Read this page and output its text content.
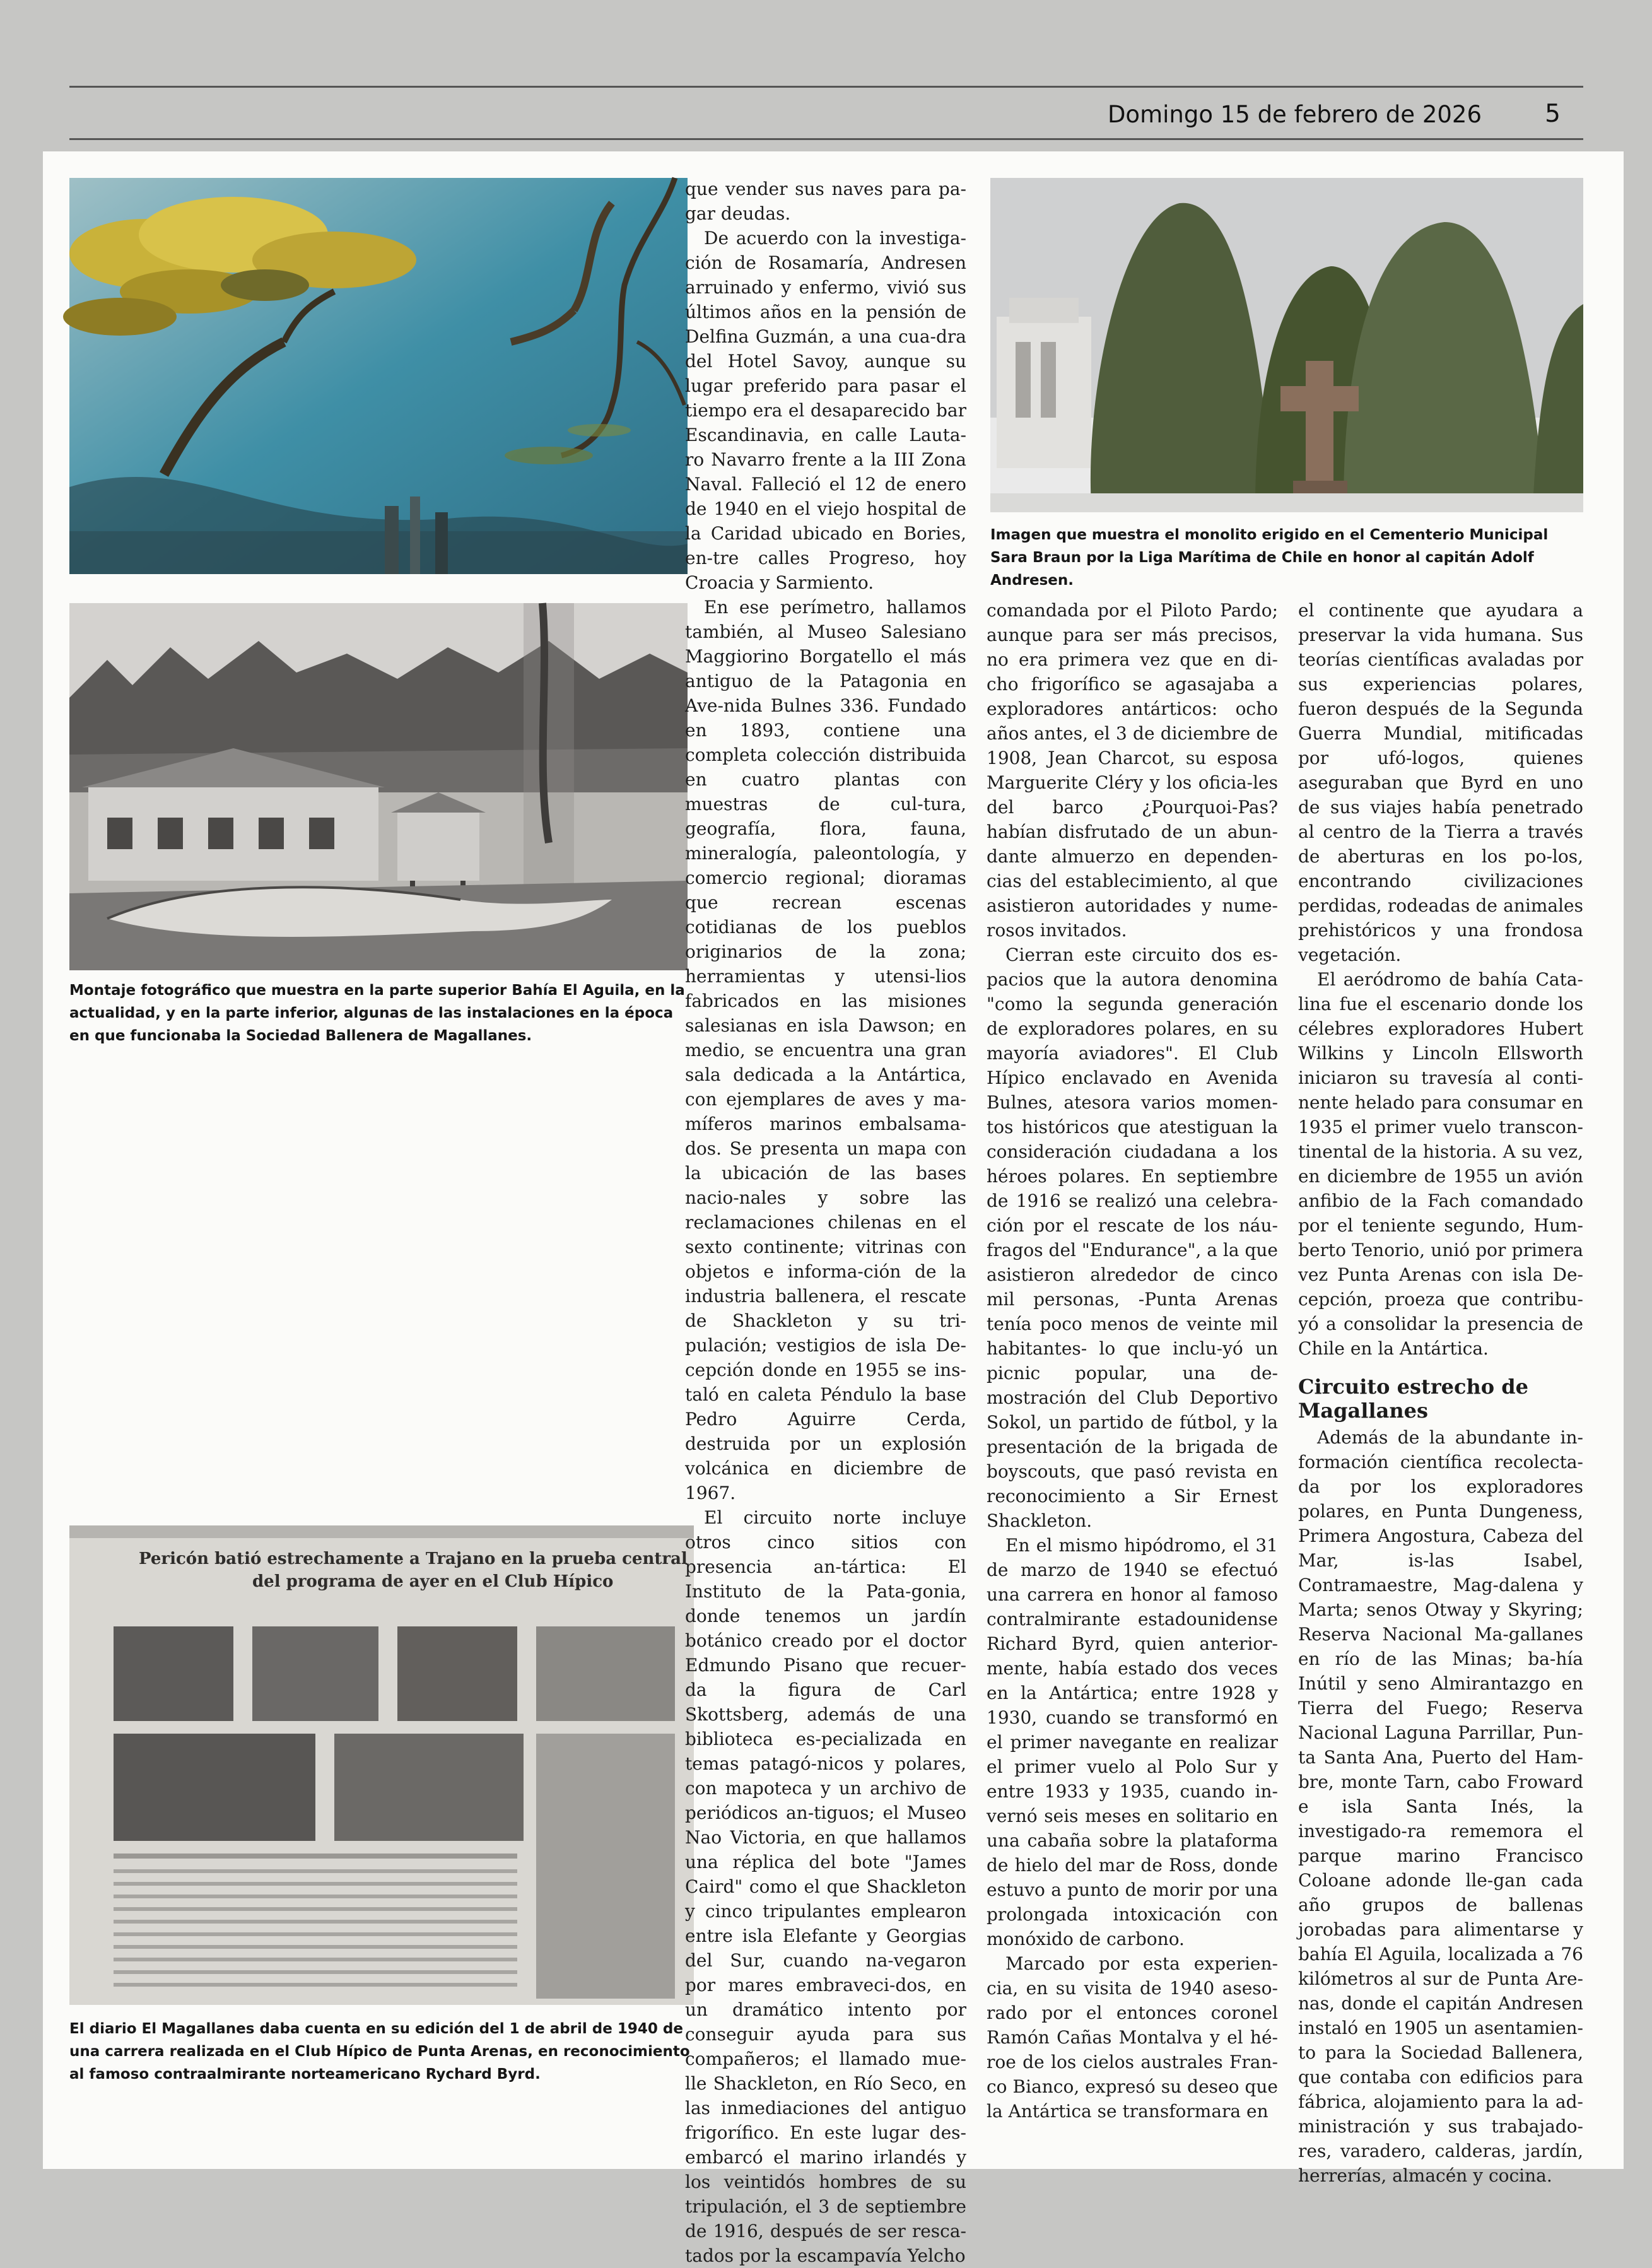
Domingo 15 de febrero de 2026	5
Montaje fotográfico que muestra en la parte superior Bahía El Aguila, en la actualidad, y en la parte inferior, algunas de las instalaciones en la época en que funcionaba la Sociedad Ballenera de Magallanes.
Imagen que muestra el monolito erigido en el Cementerio Municipal Sara Braun por la Liga Marítima de Chile en honor al capitán Adolf Andresen.
Pericón batió estrechamente a Trajano en la prueba central
del programa de ayer en el Club Hípico
El diario El Magallanes daba cuenta en su edición del 1 de abril de 1940 de una carrera realizada en el Club Hípico de Punta Arenas, en reconocimiento al famoso contraalmirante norteamericano Rychard Byrd.

que vender sus naves para pa-gar deudas.

De acuerdo con la investiga-ción de Rosamaría, Andresen arruinado y enfermo, vivió sus últimos años en la pensión de Delfina Guzmán, a una cua-dra del Hotel Savoy, aunque su lugar preferido para pasar el tiempo era el desaparecido bar Escandinavia, en calle Lauta-ro Navarro frente a la III Zona Naval. Falleció el 12 de enero de 1940 en el viejo hospital de la Caridad ubicado en Bories, en-tre calles Progreso, hoy Croacia y Sarmiento.

En ese perímetro, hallamos también, al Museo Salesiano Maggiorino Borgatello el más antiguo de la Patagonia en Ave-nida Bulnes 336. Fundado en 1893, contiene una completa colección distribuida en cuatro plantas con muestras de cul-tura, geografía, flora, fauna, mineralogía, paleontología, y comercio regional; dioramas que recrean escenas cotidianas de los pueblos originarios de la zona; herramientas y utensi-lios fabricados en las misiones salesianas en isla Dawson; en medio, se encuentra una gran sala dedicada a la Antártica, con ejemplares de aves y ma-míferos marinos embalsama-dos. Se presenta un mapa con la ubicación de las bases nacio-nales y sobre las reclamaciones chilenas en el sexto continente; vitrinas con objetos e informa-ción de la industria ballenera, el rescate de Shackleton y su tri-pulación; vestigios de isla De-cepción donde en 1955 se ins-taló en caleta Péndulo la base Pedro Aguirre Cerda, destruida por un explosión volcánica en diciembre de 1967.

El circuito norte incluye otros cinco sitios con presencia an-tártica: El Instituto de la Pata-gonia, donde tenemos un jardín botánico creado por el doctor Edmundo Pisano que recuer-da la figura de Carl Skottsberg, además de una biblioteca es-pecializada en temas patagó-nicos y polares, con mapoteca y un archivo de periódicos an-tiguos; el Museo Nao Victoria, en que hallamos una réplica del bote "James Caird" como el que Shackleton y cinco tripulantes emplearon entre isla Elefante y Georgias del Sur, cuando na-vegaron por mares embraveci-dos, en un dramático intento por conseguir ayuda para sus compañeros; el llamado mue-lle Shackleton, en Río Seco, en las inmediaciones del antiguo frigorífico. En este lugar des-embarcó el marino irlandés y los veintidós hombres de su tripulación, el 3 de septiembre de 1916, después de ser resca-tados por la escampavía Yelcho

comandada por el Piloto Pardo; aunque para ser más precisos, no era primera vez que en di-cho frigorífico se agasajaba a exploradores antárticos: ocho años antes, el 3 de diciembre de 1908, Jean Charcot, su esposa Marguerite Cléry y los oficia-les del barco ¿Pourquoi-Pas? habían disfrutado de un abun-dante almuerzo en dependen-cias del establecimiento, al que asistieron autoridades y nume-rosos invitados.

Cierran este circuito dos es-pacios que la autora denomina "como la segunda generación de exploradores polares, en su mayoría aviadores". El Club Hípico enclavado en Avenida Bulnes, atesora varios momen-tos históricos que atestiguan la consideración ciudadana a los héroes polares. En septiembre de 1916 se realizó una celebra-ción por el rescate de los náu-fragos del "Endurance", a la que asistieron alrededor de cinco mil personas, -Punta Arenas tenía poco menos de veinte mil habitantes- lo que inclu-yó un picnic popular, una de-mostración del Club Deportivo Sokol, un partido de fútbol, y la presentación de la brigada de boyscouts, que pasó revista en reconocimiento a Sir Ernest Shackleton.

En el mismo hipódromo, el 31 de marzo de 1940 se efectuó una carrera en honor al famoso contralmirante estadounidense Richard Byrd, quien anterior-mente, había estado dos veces en la Antártica; entre 1928 y 1930, cuando se transformó en el primer navegante en realizar el primer vuelo al Polo Sur y entre 1933 y 1935, cuando in-vernó seis meses en solitario en una cabaña sobre la plataforma de hielo del mar de Ross, donde estuvo a punto de morir por una prolongada intoxicación con monóxido de carbono.

Marcado por esta experien-cia, en su visita de 1940 aseso-rado por el entonces coronel Ramón Cañas Montalva y el hé-roe de los cielos australes Fran-co Bianco, expresó su deseo que la Antártica se transformara en

el continente que ayudara a preservar la vida humana. Sus teorías científicas avaladas por sus experiencias polares, fueron después de la Segunda Guerra Mundial, mitificadas por ufó-logos, quienes aseguraban que Byrd en uno de sus viajes había penetrado al centro de la Tierra a través de aberturas en los po-los, encontrando civilizaciones perdidas, rodeadas de animales prehistóricos y una frondosa vegetación.

El aeródromo de bahía Cata-lina fue el escenario donde los célebres exploradores Hubert Wilkins y Lincoln Ellsworth iniciaron su travesía al conti-nente helado para consumar en 1935 el primer vuelo transcon-tinental de la historia. A su vez, en diciembre de 1955 un avión anfibio de la Fach comandado por el teniente segundo, Hum-berto Tenorio, unió por primera vez Punta Arenas con isla De-cepción, proeza que contribu-yó a consolidar la presencia de Chile en la Antártica.

Circuito estrecho de Magallanes

Además de la abundante in-formación científica recolecta-da por los exploradores polares, en Punta Dungeness, Primera Angostura, Cabeza del Mar, is-las Isabel, Contramaestre, Mag-dalena y Marta; senos Otway y Skyring; Reserva Nacional Ma-gallanes en río de las Minas; ba-hía Inútil y seno Almirantazgo en Tierra del Fuego; Reserva Nacional Laguna Parrillar, Pun-ta Santa Ana, Puerto del Ham-bre, monte Tarn, cabo Froward e isla Santa Inés, la investigado-ra rememora el parque marino Francisco Coloane adonde lle-gan cada año grupos de ballenas jorobadas para alimentarse y bahía El Aguila, localizada a 76 kilómetros al sur de Punta Are-nas, donde el capitán Andresen instaló en 1905 un asentamien-to para la Sociedad Ballenera, que contaba con edificios para fábrica, alojamiento para la ad-ministración y sus trabajado-res, varadero, calderas, jardín, herrerías, almacén y cocina.
